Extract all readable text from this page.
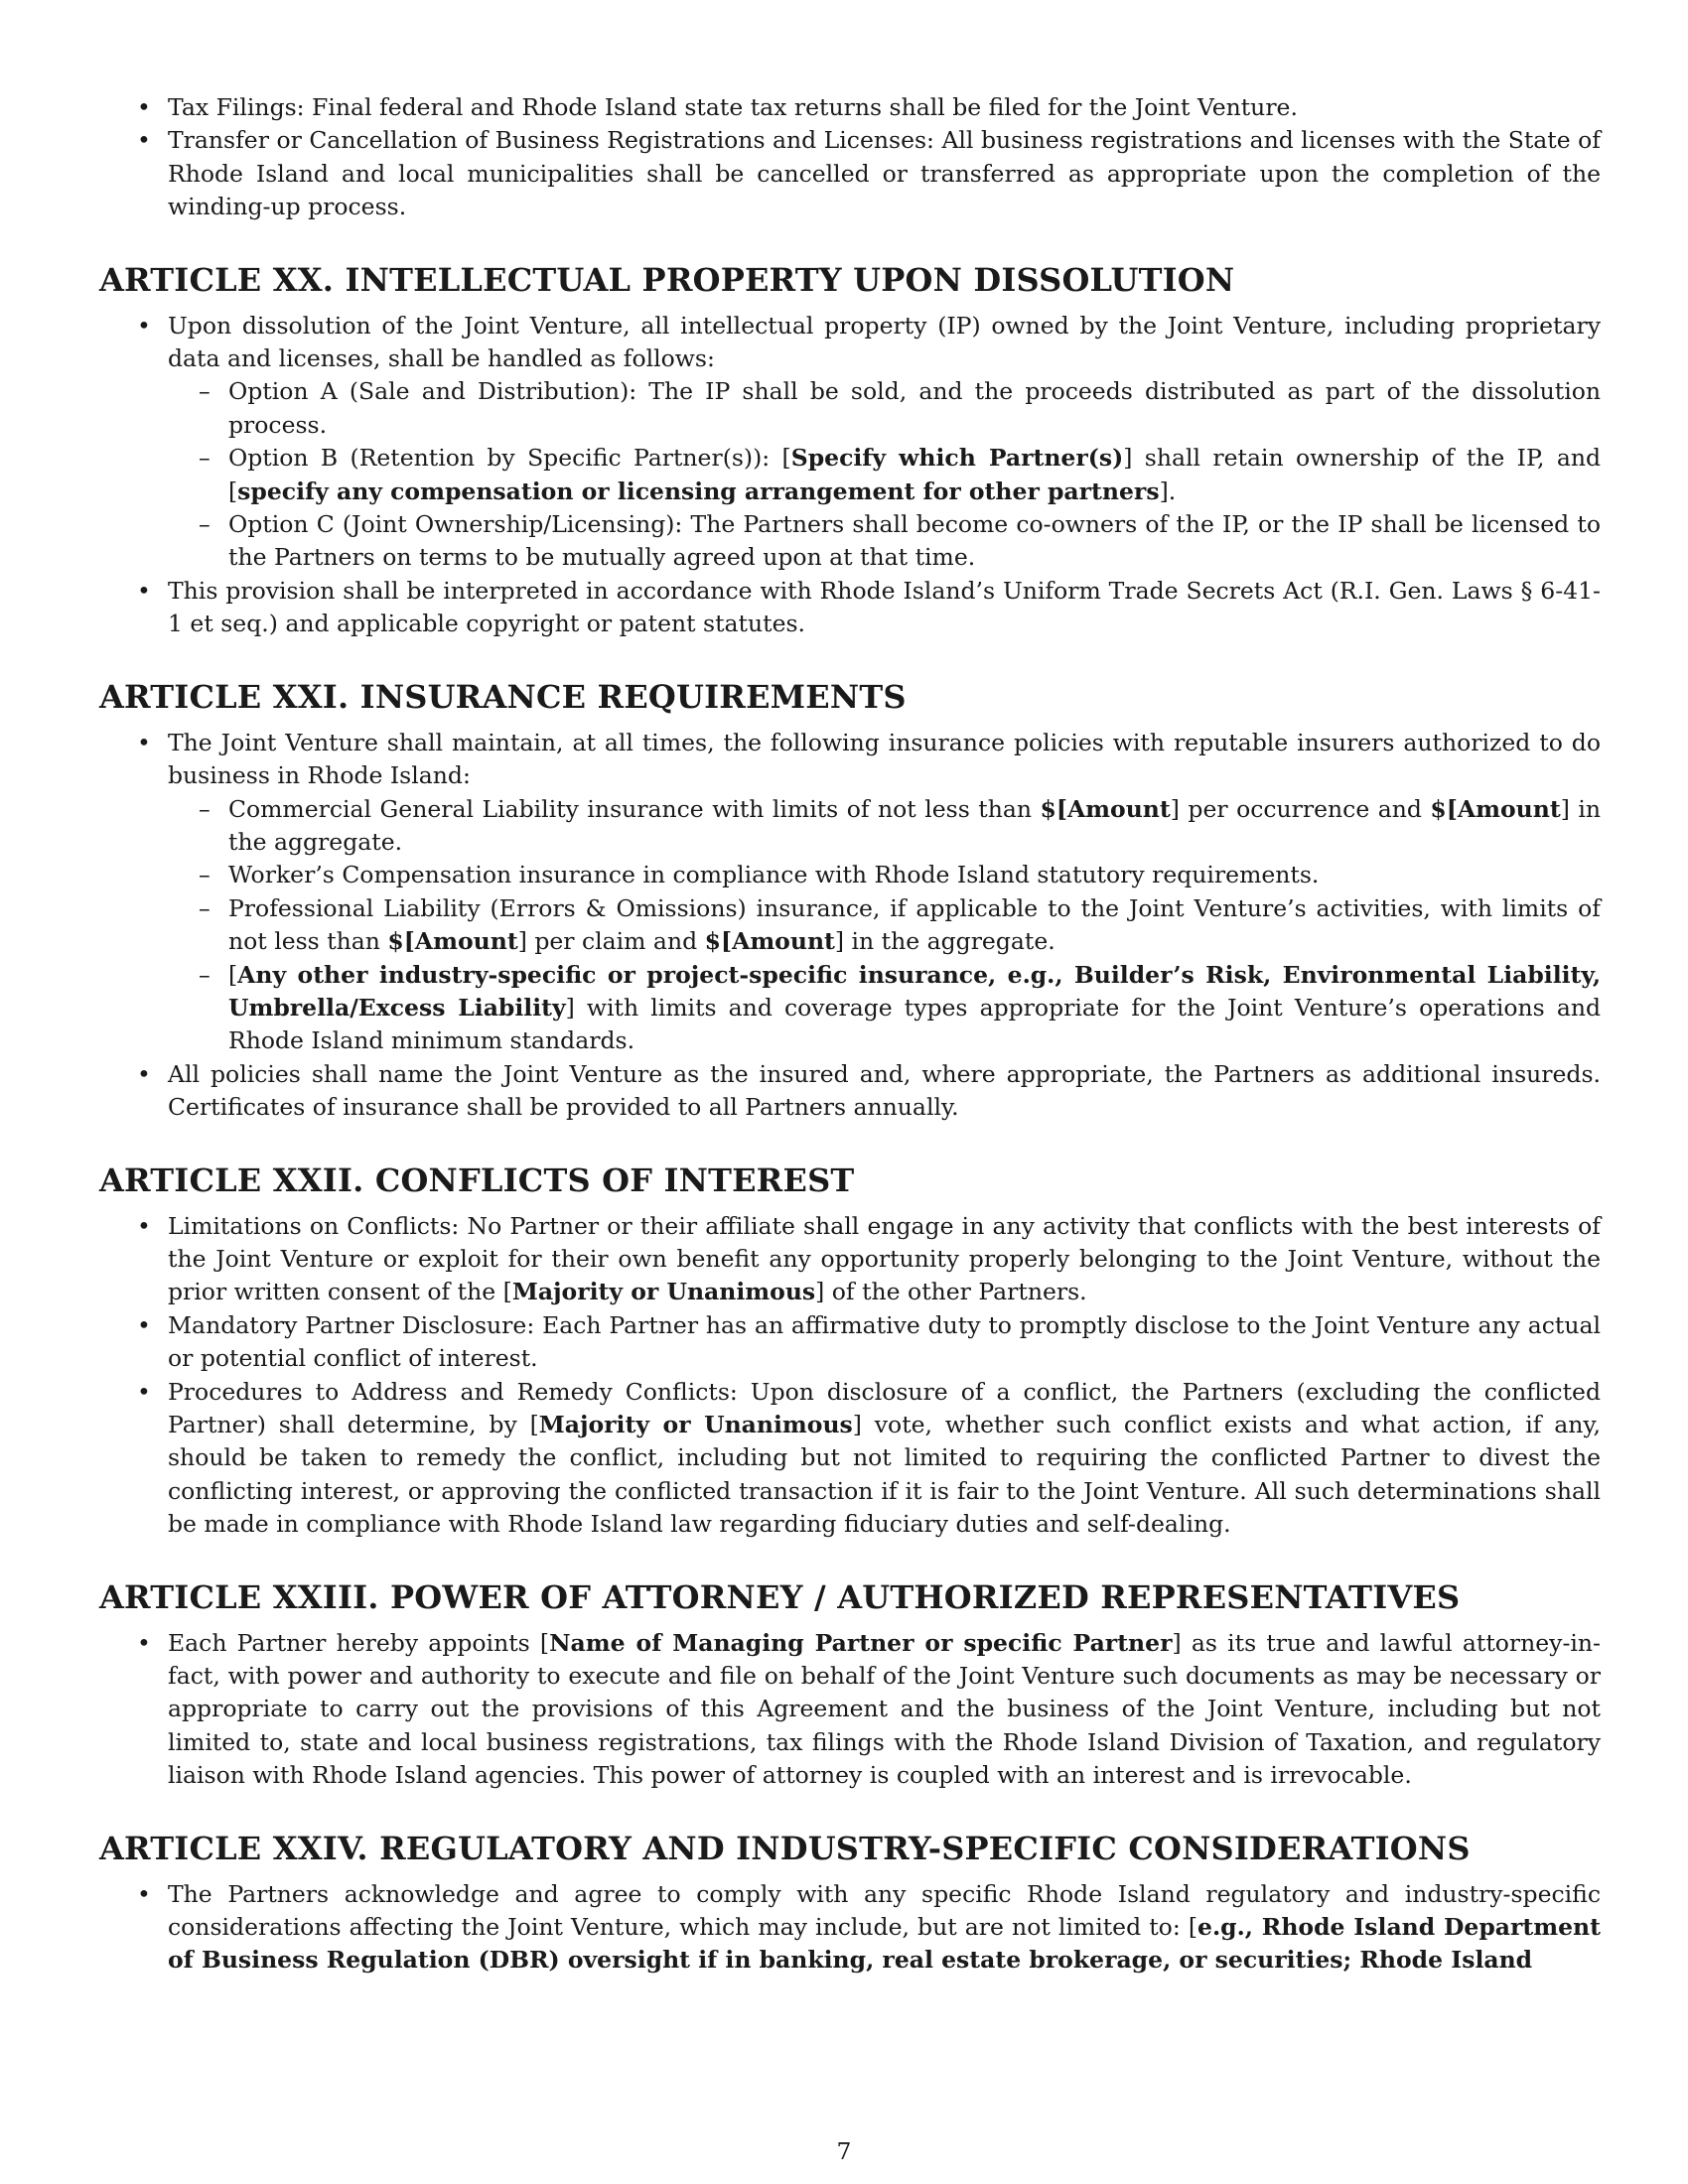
• Tax Filings: Final federal and Rhode Island state tax returns shall be filed for the Joint Venture.
• Transfer or Cancellation of Business Registrations and Licenses: All business registrations and licenses with the State of Rhode Island and local municipalities shall be cancelled or transferred as appropriate upon the completion of the winding-up process.
ARTICLE XX. INTELLECTUAL PROPERTY UPON DISSOLUTION
• Upon dissolution of the Joint Venture, all intellectual property (IP) owned by the Joint Venture, including proprietary data and licenses, shall be handled as follows:
– Option A (Sale and Distribution): The IP shall be sold, and the proceeds distributed as part of the dissolution process.
– Option B (Retention by Specific Partner(s)): [Specify which Partner(s)] shall retain ownership of the IP, and [specify any compensation or licensing arrangement for other partners].
– Option C (Joint Ownership/Licensing): The Partners shall become co-owners of the IP, or the IP shall be licensed to the Partners on terms to be mutually agreed upon at that time.
• This provision shall be interpreted in accordance with Rhode Island’s Uniform Trade Secrets Act (R.I. Gen. Laws § 6-41-1 et seq.) and applicable copyright or patent statutes.
ARTICLE XXI. INSURANCE REQUIREMENTS
• The Joint Venture shall maintain, at all times, the following insurance policies with reputable insurers authorized to do business in Rhode Island:
– Commercial General Liability insurance with limits of not less than $[Amount] per occurrence and $[Amount] in the aggregate.
– Worker’s Compensation insurance in compliance with Rhode Island statutory requirements.
– Professional Liability (Errors & Omissions) insurance, if applicable to the Joint Venture’s activities, with limits of not less than $[Amount] per claim and $[Amount] in the aggregate.
– [Any other industry-specific or project-specific insurance, e.g., Builder’s Risk, Environmental Liability, Umbrella/Excess Liability] with limits and coverage types appropriate for the Joint Venture’s operations and Rhode Island minimum standards.
• All policies shall name the Joint Venture as the insured and, where appropriate, the Partners as additional insureds. Certificates of insurance shall be provided to all Partners annually.
ARTICLE XXII. CONFLICTS OF INTEREST
• Limitations on Conflicts: No Partner or their affiliate shall engage in any activity that conflicts with the best interests of the Joint Venture or exploit for their own benefit any opportunity properly belonging to the Joint Venture, without the prior written consent of the [Majority or Unanimous] of the other Partners.
• Mandatory Partner Disclosure: Each Partner has an affirmative duty to promptly disclose to the Joint Venture any actual or potential conflict of interest.
• Procedures to Address and Remedy Conflicts: Upon disclosure of a conflict, the Partners (excluding the conflicted Partner) shall determine, by [Majority or Unanimous] vote, whether such conflict exists and what action, if any, should be taken to remedy the conflict, including but not limited to requiring the conflicted Partner to divest the conflicting interest, or approving the conflicted transaction if it is fair to the Joint Venture. All such determinations shall be made in compliance with Rhode Island law regarding fiduciary duties and self-dealing.
ARTICLE XXIII. POWER OF ATTORNEY / AUTHORIZED REPRESENTATIVES
• Each Partner hereby appoints [Name of Managing Partner or specific Partner] as its true and lawful attorney-in-fact, with power and authority to execute and file on behalf of the Joint Venture such documents as may be necessary or appropriate to carry out the provisions of this Agreement and the business of the Joint Venture, including but not limited to, state and local business registrations, tax filings with the Rhode Island Division of Taxation, and regulatory liaison with Rhode Island agencies. This power of attorney is coupled with an interest and is irrevocable.
ARTICLE XXIV. REGULATORY AND INDUSTRY-SPECIFIC CONSIDERATIONS
• The Partners acknowledge and agree to comply with any specific Rhode Island regulatory and industry-specific considerations affecting the Joint Venture, which may include, but are not limited to: [e.g., Rhode Island Department of Business Regulation (DBR) oversight if in banking, real estate brokerage, or securities; Rhode Island
7
